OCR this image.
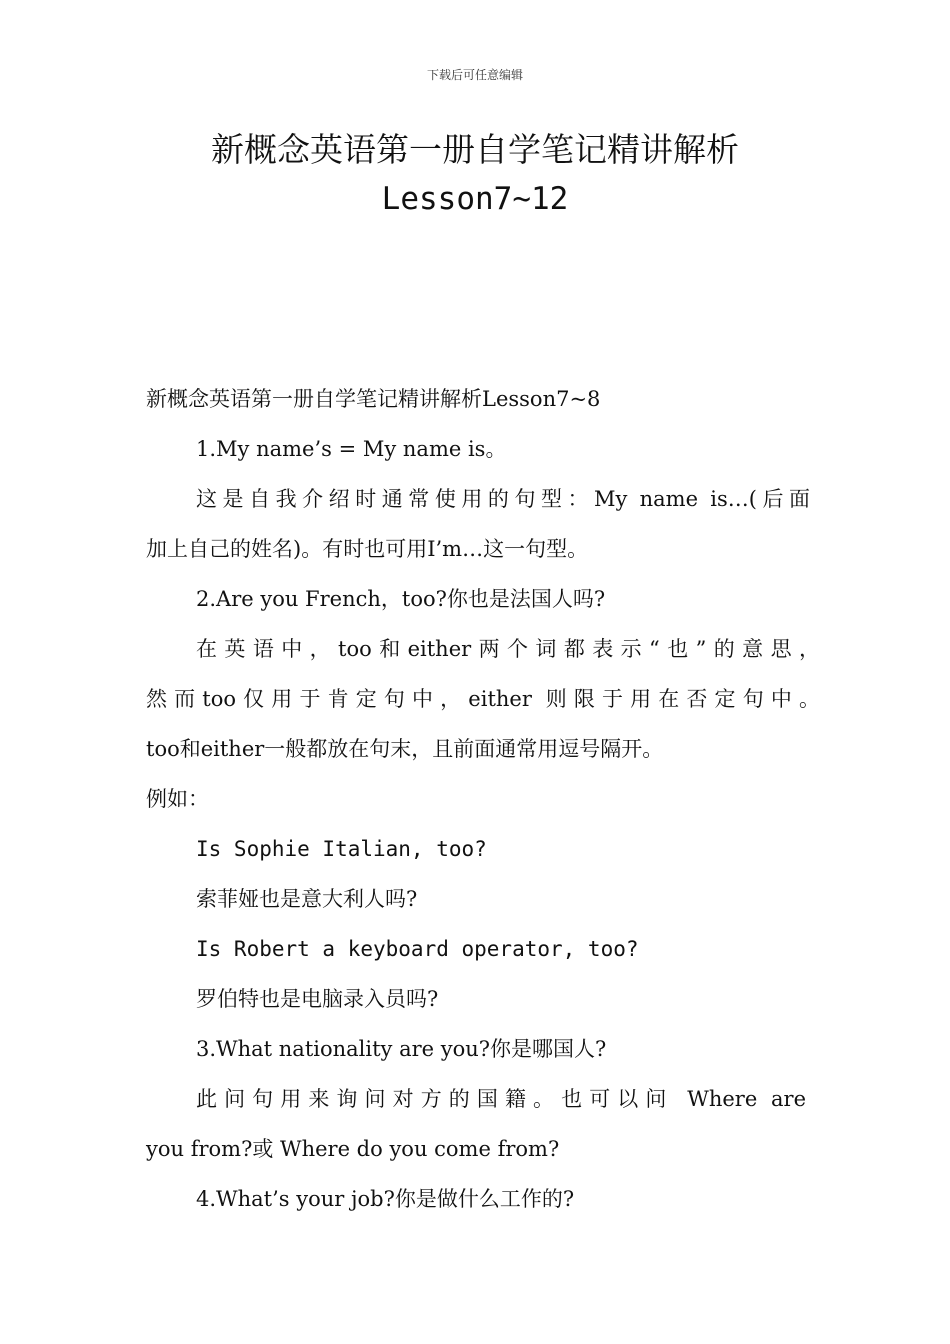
下载后可任意编辑
新概念英语第一册自学笔记精讲解析
Lesson7~12
新概念英语第一册自学笔记精讲解析Lesson7~8
1.My name’s = My name is。
这是自我介绍时通常使用的句型：My name is…(后面
加上自己的姓名)。有时也可用I’m…这一句型。
2.Are you French，too?你也是法国人吗?
在英语中，too和either两个词都表示“也”的意思，
然而too仅用于肯定句中，either 则限于用在否定句中。
too和either一般都放在句末，且前面通常用逗号隔开。
例如：
Is Sophie Italian, too?
索菲娅也是意大利人吗?
Is Robert a keyboard operator, too?
罗伯特也是电脑录入员吗?
3.What nationality are you?你是哪国人?
此问句用来询问对方的国籍。也可以问 Where are
you from?或 Where do you come from?
4.What’s your job?你是做什么工作的?
